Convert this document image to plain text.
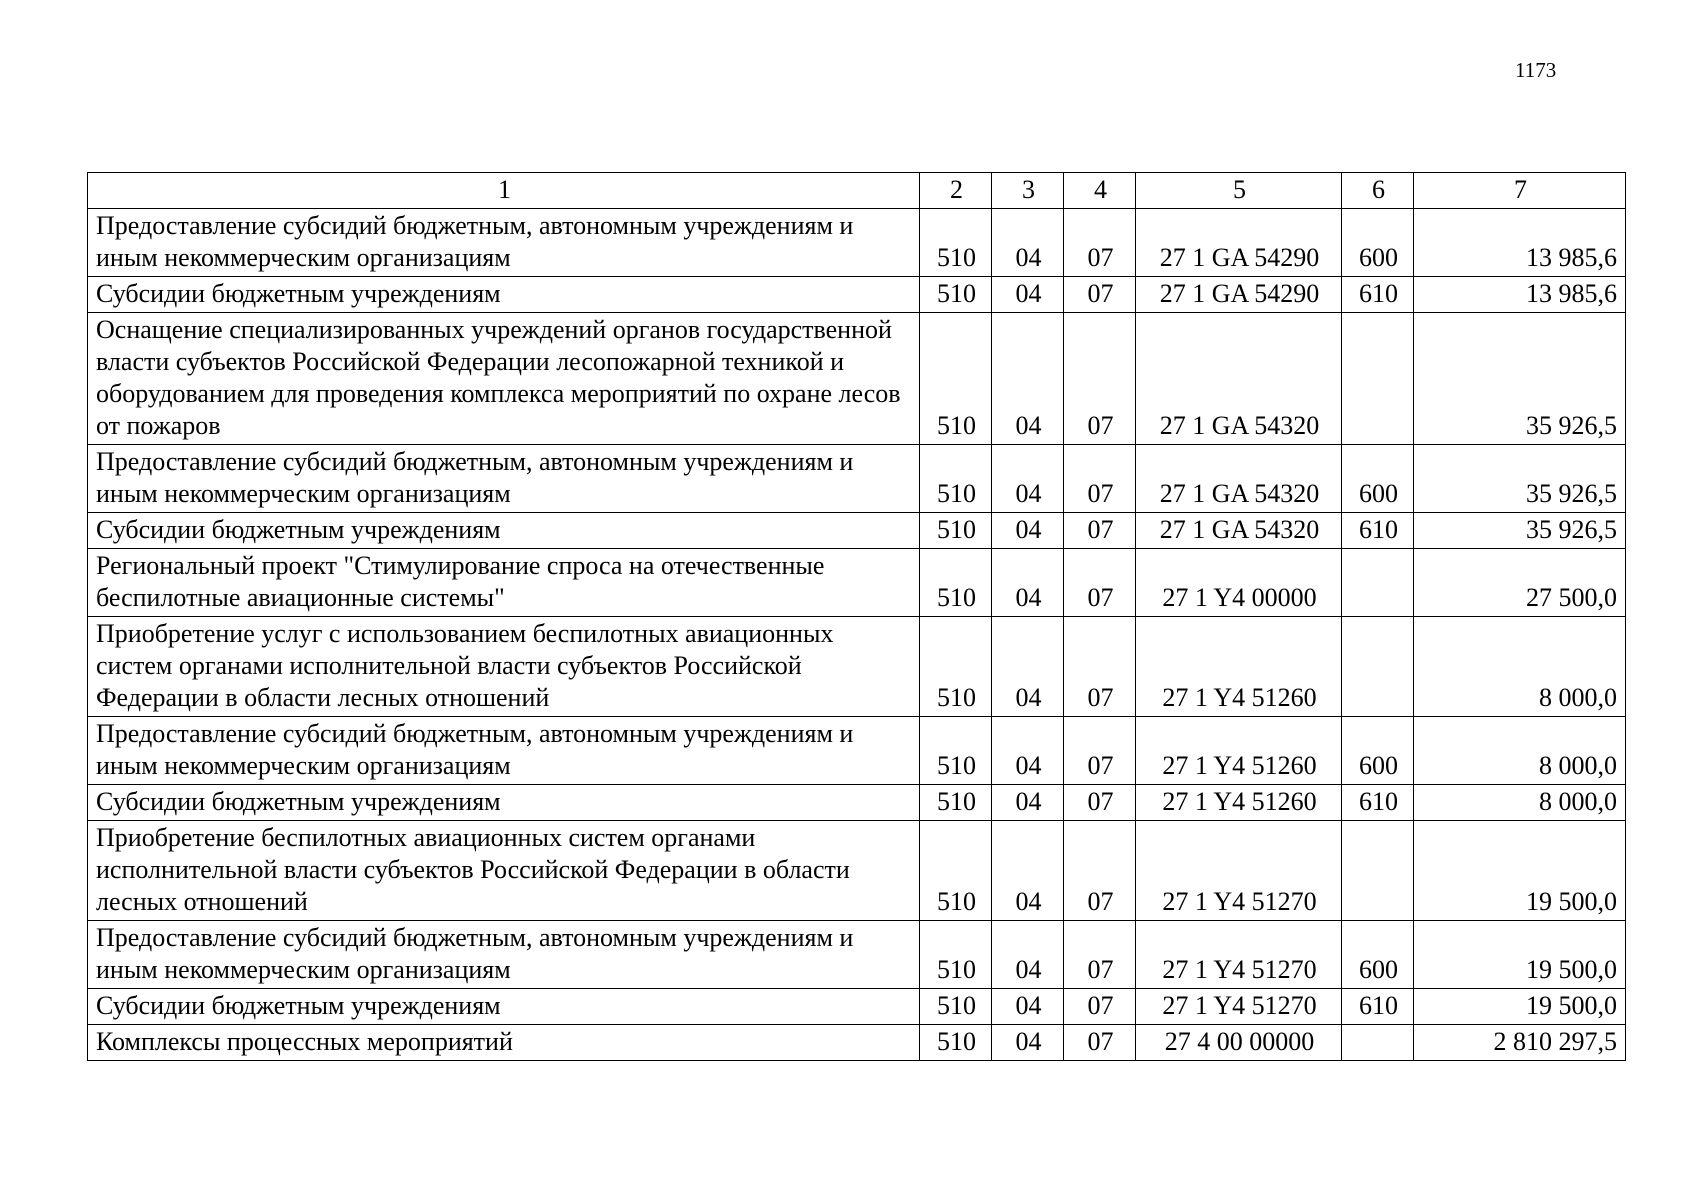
1173
1	2	3	4	5	6	7
Предоставление субсидий бюджетным, автономным учреждениям и иным некоммерческим организациям	510	04	07	27 1 GA 54290	600	13 985,6
Субсидии бюджетным учреждениям	510	04	07	27 1 GA 54290	610	13 985,6
Оснащение специализированных учреждений органов государственной власти субъектов Российской Федерации лесопожарной техникой и оборудованием для проведения комплекса мероприятий по охране лесов от пожаров	510	04	07	27 1 GA 54320		35 926,5
Предоставление субсидий бюджетным, автономным учреждениям и иным некоммерческим организациям	510	04	07	27 1 GA 54320	600	35 926,5
Субсидии бюджетным учреждениям	510	04	07	27 1 GA 54320	610	35 926,5
Региональный проект "Стимулирование спроса на отечественные беспилотные авиационные системы"	510	04	07	27 1 Y4 00000		27 500,0
Приобретение услуг с использованием беспилотных авиационных систем органами исполнительной власти субъектов Российской Федерации в области лесных отношений	510	04	07	27 1 Y4 51260		8 000,0
Предоставление субсидий бюджетным, автономным учреждениям и иным некоммерческим организациям	510	04	07	27 1 Y4 51260	600	8 000,0
Субсидии бюджетным учреждениям	510	04	07	27 1 Y4 51260	610	8 000,0
Приобретение беспилотных авиационных систем органами исполнительной власти субъектов Российской Федерации в области лесных отношений	510	04	07	27 1 Y4 51270		19 500,0
Предоставление субсидий бюджетным, автономным учреждениям и иным некоммерческим организациям	510	04	07	27 1 Y4 51270	600	19 500,0
Субсидии бюджетным учреждениям	510	04	07	27 1 Y4 51270	610	19 500,0
Комплексы процессных мероприятий	510	04	07	27 4 00 00000		2 810 297,5
